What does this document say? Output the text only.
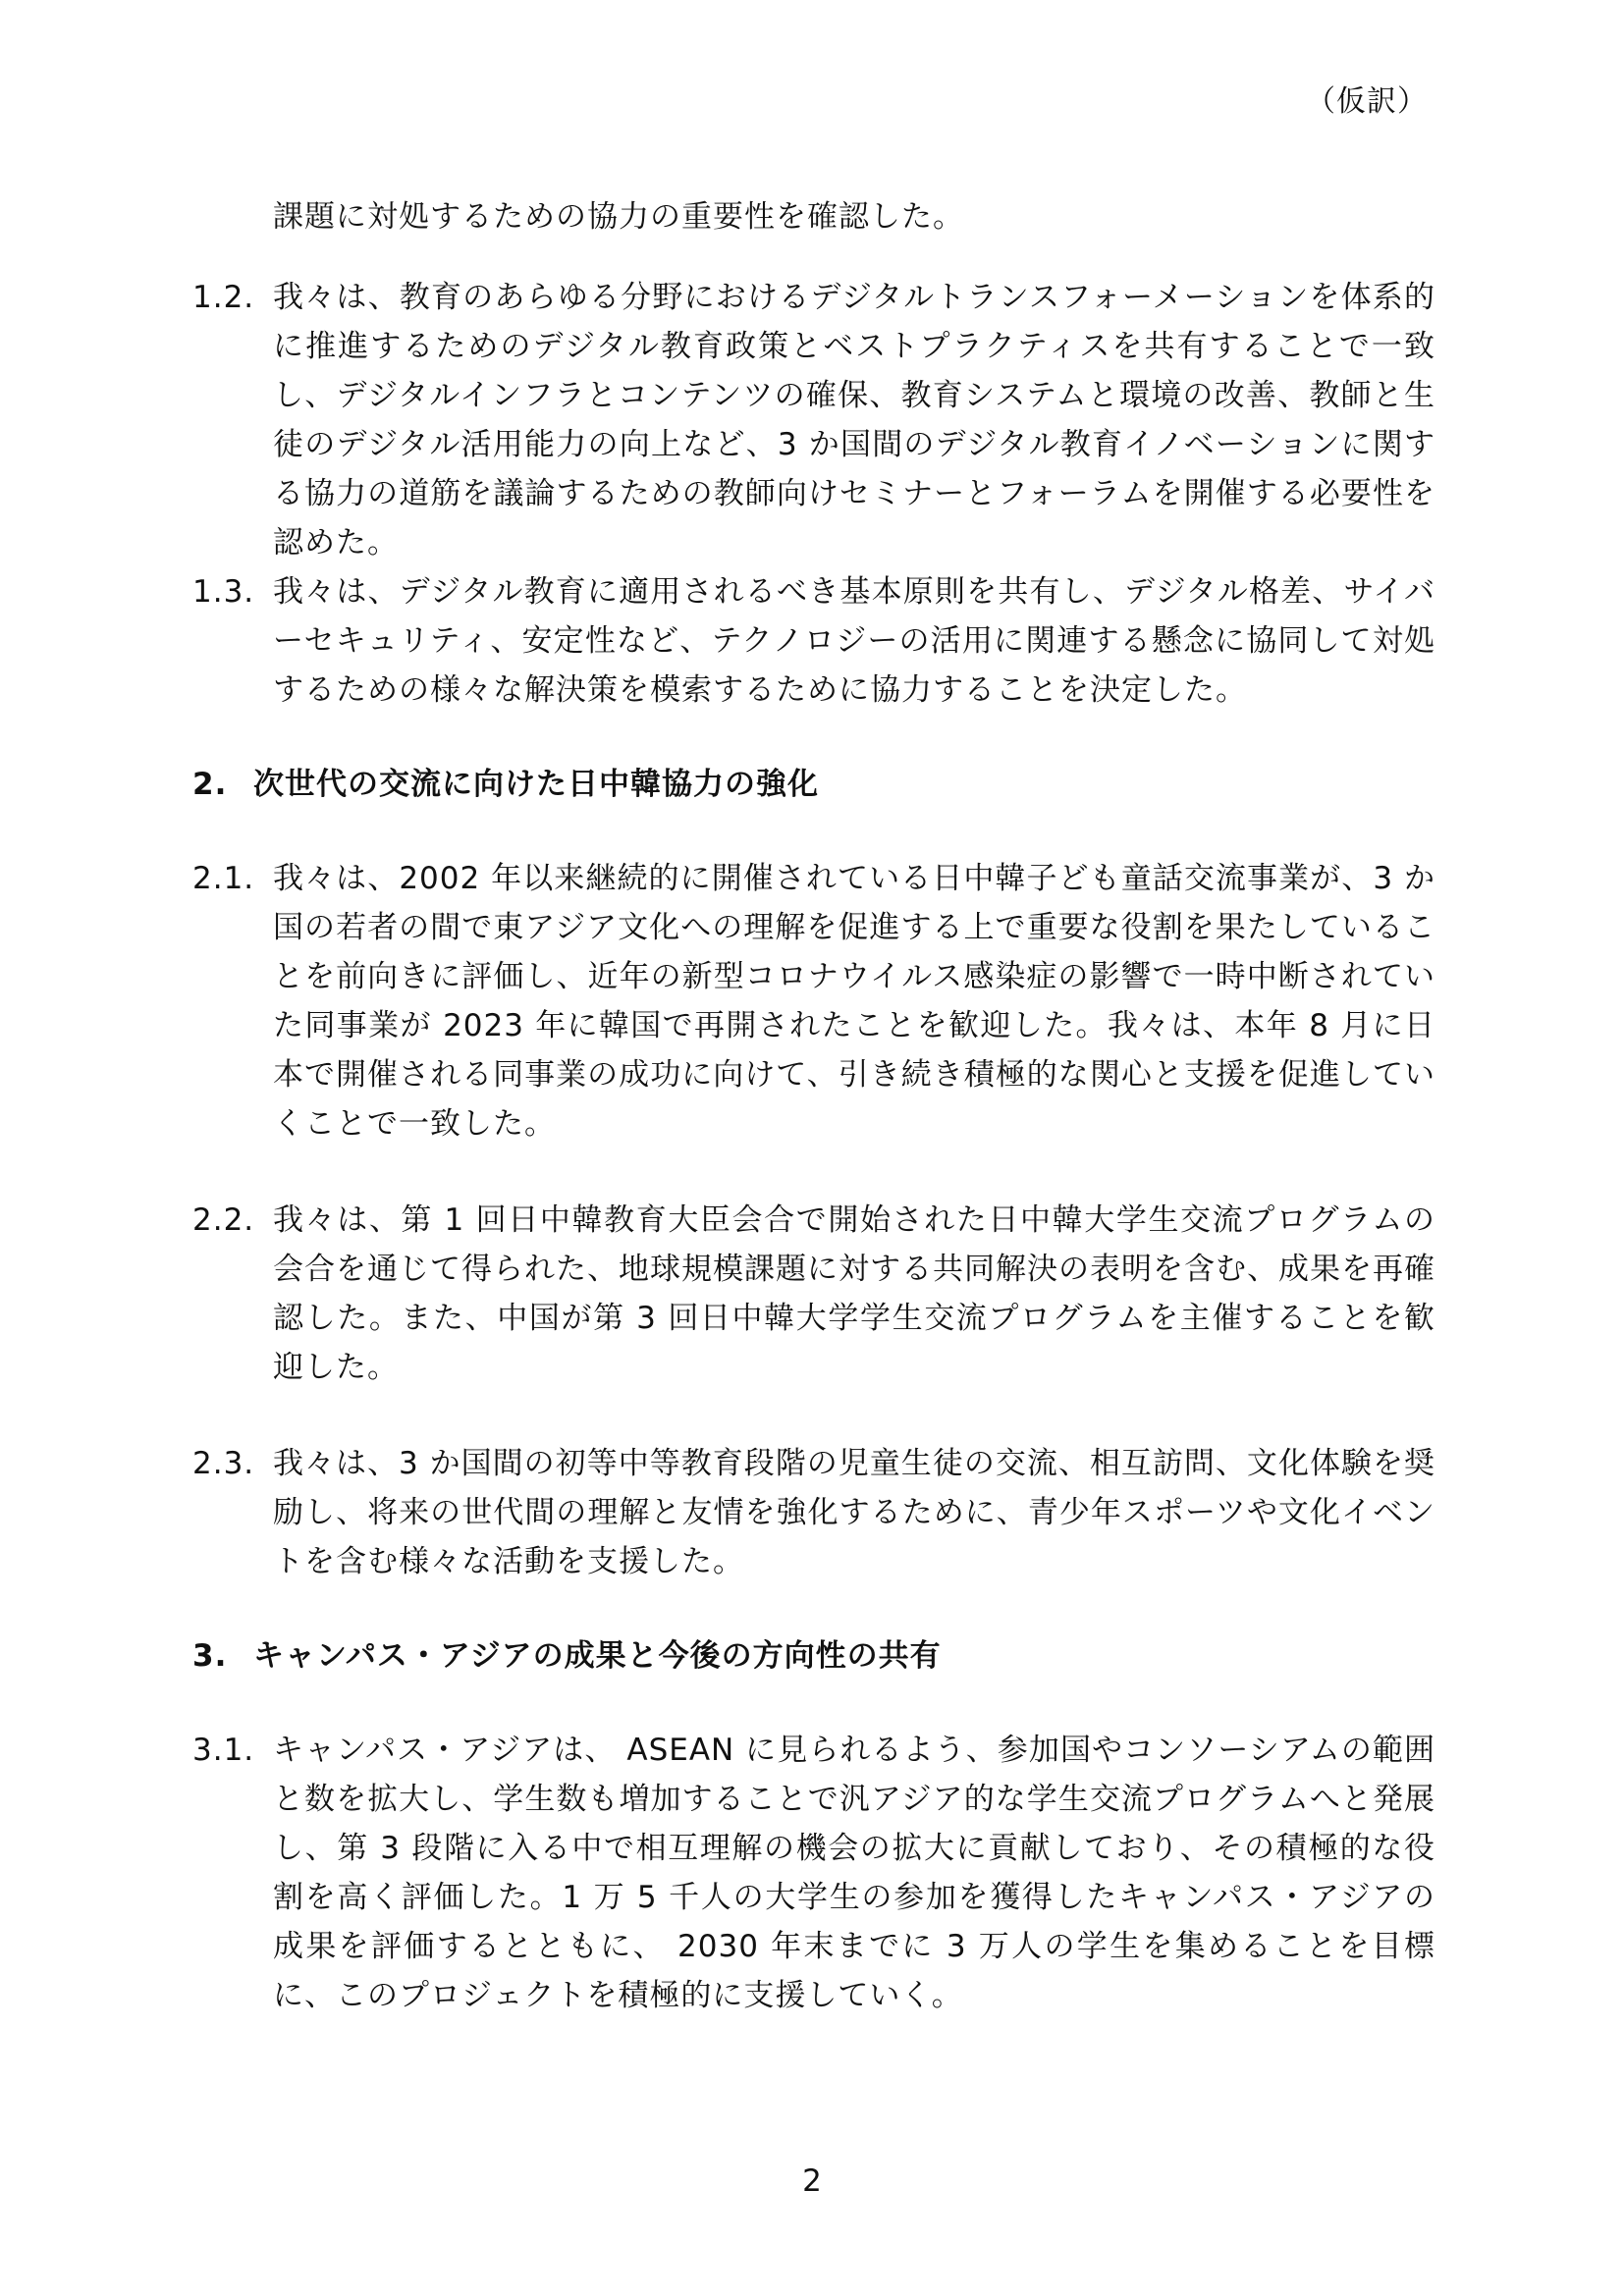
（仮訳）

課題に対処するための協力の重要性を確認した。

1.2. 我々は、教育のあらゆる分野におけるデジタルトランスフォーメーションを体系的に推進するためのデジタル教育政策とベストプラクティスを共有することで一致し、デジタルインフラとコンテンツの確保、教育システムと環境の改善、教師と生徒のデジタル活用能力の向上など、3 か国間のデジタル教育イノベーションに関する協力の道筋を議論するための教師向けセミナーとフォーラムを開催する必要性を認めた。
1.3. 我々は、デジタル教育に適用されるべき基本原則を共有し、デジタル格差、サイバーセキュリティ、安定性など、テクノロジーの活用に関連する懸念に協同して対処するための様々な解決策を模索するために協力することを決定した。
2. 次世代の交流に向けた日中韓協力の強化
2.1. 我々は、2002 年以来継続的に開催されている日中韓子ども童話交流事業が、3 か国の若者の間で東アジア文化への理解を促進する上で重要な役割を果たしていることを前向きに評価し、近年の新型コロナウイルス感染症の影響で一時中断されていた同事業が 2023 年に韓国で再開されたことを歓迎した。我々は、本年 8 月に日本で開催される同事業の成功に向けて、引き続き積極的な関心と支援を促進していくことで一致した。
2.2. 我々は、第 1 回日中韓教育大臣会合で開始された日中韓大学生交流プログラムの会合を通じて得られた、地球規模課題に対する共同解決の表明を含む、成果を再確認した。また、中国が第 3 回日中韓大学学生交流プログラムを主催することを歓迎した。
2.3. 我々は、3 か国間の初等中等教育段階の児童生徒の交流、相互訪問、文化体験を奨励し、将来の世代間の理解と友情を強化するために、青少年スポーツや文化イベントを含む様々な活動を支援した。
3. キャンパス・アジアの成果と今後の方向性の共有
3.1. キャンパス・アジアは、 ASEAN に見られるよう、参加国やコンソーシアムの範囲と数を拡大し、学生数も増加することで汎アジア的な学生交流プログラムへと発展し、第 3 段階に入る中で相互理解の機会の拡大に貢献しており、その積極的な役割を高く評価した。1 万 5 千人の大学生の参加を獲得したキャンパス・アジアの成果を評価するとともに、 2030 年末までに 3 万人の学生を集めることを目標に、このプロジェクトを積極的に支援していく。
2
